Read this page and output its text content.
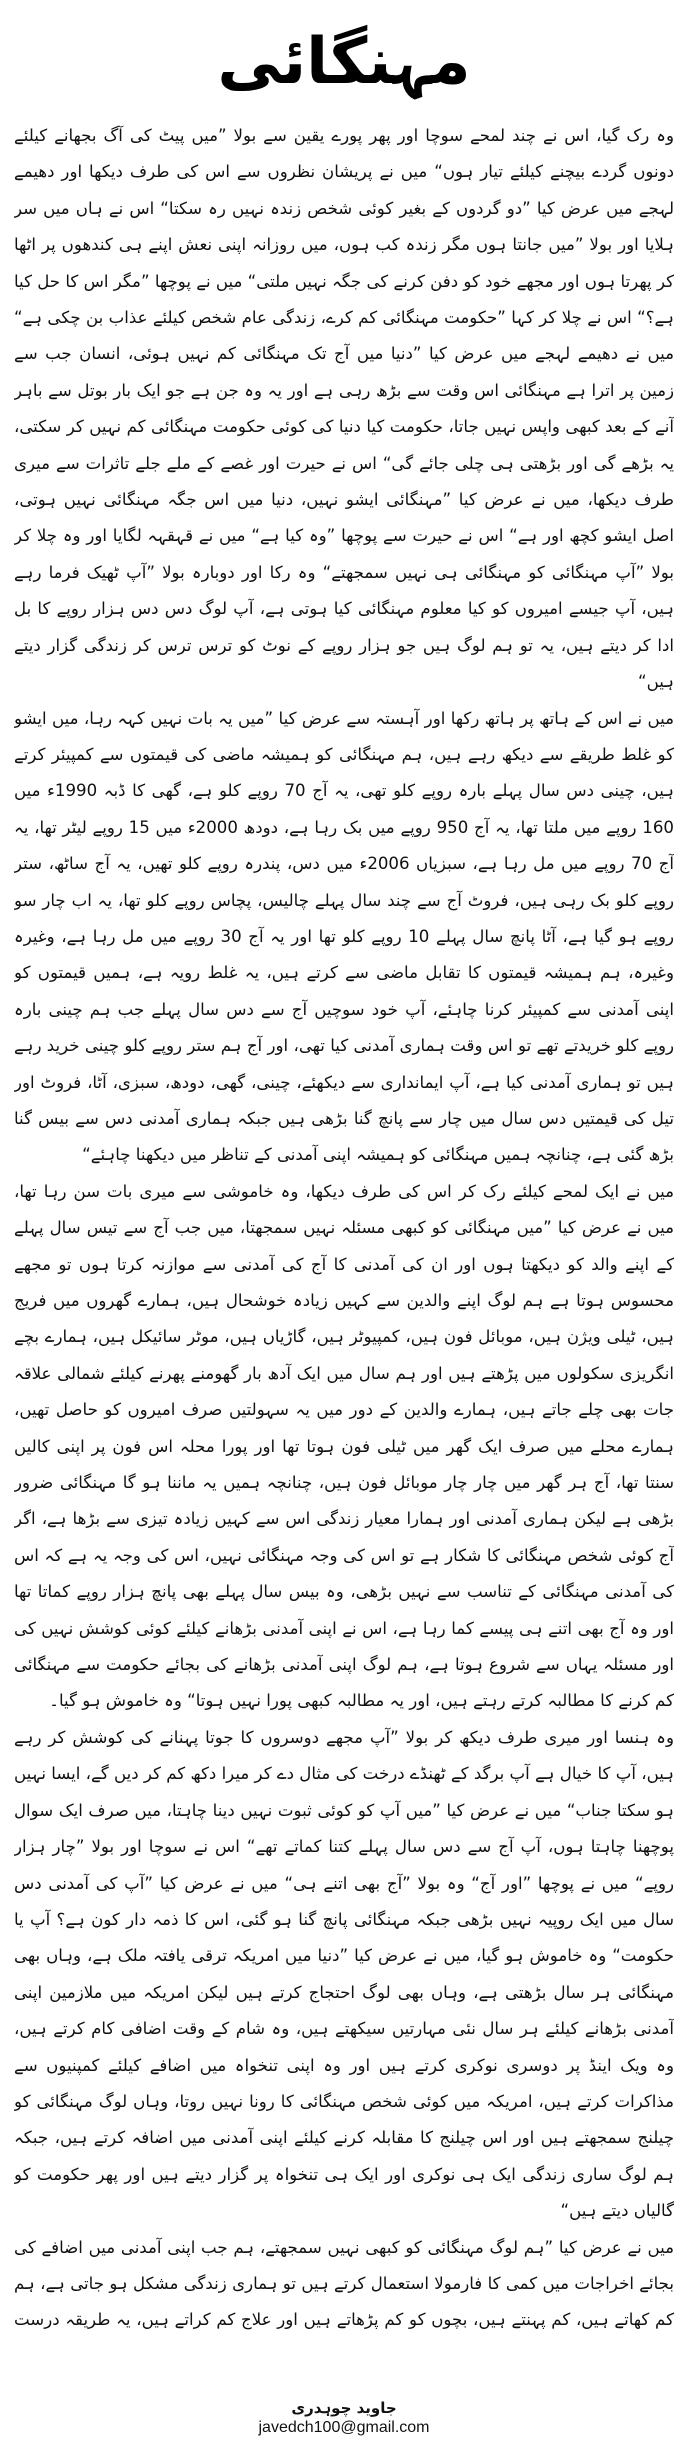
مہنگائی

وہ رک گیا، اس نے چند لمحے سوچا اور پھر پورے یقین سے بولا ”میں پیٹ کی آگ بجھانے کیلئے دونوں گردے بیچنے کیلئے تیار ہوں“ میں نے پریشان نظروں سے اس کی طرف دیکھا اور دھیمے لہجے میں عرض کیا ”دو گردوں کے بغیر کوئی شخص زندہ نہیں رہ سکتا“ اس نے ہاں میں سر ہلایا اور بولا ”میں جانتا ہوں مگر زندہ کب ہوں، میں روزانہ اپنی نعش اپنے ہی کندھوں پر اٹھا کر پھرتا ہوں اور مجھے خود کو دفن کرنے کی جگہ نہیں ملتی“ میں نے پوچھا ”مگر اس کا حل کیا ہے؟“ اس نے چلا کر کہا ”حکومت مہنگائی کم کرے، زندگی عام شخص کیلئے عذاب بن چکی ہے“ میں نے دھیمے لہجے میں عرض کیا ”دنیا میں آج تک مہنگائی کم نہیں ہوئی، انسان جب سے زمین پر اترا ہے مہنگائی اس وقت سے بڑھ رہی ہے اور یہ وہ جن ہے جو ایک بار بوتل سے باہر آنے کے بعد کبھی واپس نہیں جاتا، حکومت کیا دنیا کی کوئی حکومت مہنگائی کم نہیں کر سکتی، یہ بڑھے گی اور بڑھتی ہی چلی جائے گی“ اس نے حیرت اور غصے کے ملے جلے تاثرات سے میری طرف دیکھا، میں نے عرض کیا ”مہنگائی ایشو نہیں، دنیا میں اس جگہ مہنگائی نہیں ہوتی، اصل ایشو کچھ اور ہے“ اس نے حیرت سے پوچھا ”وہ کیا ہے“ میں نے قہقہہ لگایا اور وہ چلا کر بولا ”آپ مہنگائی کو مہنگائی ہی نہیں سمجھتے“ وہ رکا اور دوبارہ بولا ”آپ ٹھیک فرما رہے ہیں، آپ جیسے امیروں کو کیا معلوم مہنگائی کیا ہوتی ہے، آپ لوگ دس دس ہزار روپے کا بل ادا کر دیتے ہیں، یہ تو ہم لوگ ہیں جو ہزار روپے کے نوٹ کو ترس ترس کر زندگی گزار دیتے ہیں“

میں نے اس کے ہاتھ پر ہاتھ رکھا اور آہستہ سے عرض کیا ”میں یہ بات نہیں کہہ رہا، میں ایشو کو غلط طریقے سے دیکھ رہے ہیں، ہم مہنگائی کو ہمیشہ ماضی کی قیمتوں سے کمپیئر کرتے ہیں، چینی دس سال پہلے بارہ روپے کلو تھی، یہ آج 70 روپے کلو ہے، گھی کا ڈبہ 1990ء میں 160 روپے میں ملتا تھا، یہ آج 950 روپے میں بک رہا ہے، دودھ 2000ء میں 15 روپے لیٹر تھا، یہ آج 70 روپے میں مل رہا ہے، سبزیاں 2006ء میں دس، پندرہ روپے کلو تھیں، یہ آج ساٹھ، ستر روپے کلو بک رہی ہیں، فروٹ آج سے چند سال پہلے چالیس، پچاس روپے کلو تھا، یہ اب چار سو روپے ہو گیا ہے، آٹا پانچ سال پہلے 10 روپے کلو تھا اور یہ آج 30 روپے میں مل رہا ہے، وغیرہ وغیرہ، ہم ہمیشہ قیمتوں کا تقابل ماضی سے کرتے ہیں، یہ غلط رویہ ہے، ہمیں قیمتوں کو اپنی آمدنی سے کمپیئر کرنا چاہئے، آپ خود سوچیں آج سے دس سال پہلے جب ہم چینی بارہ روپے کلو خریدتے تھے تو اس وقت ہماری آمدنی کیا تھی، اور آج ہم ستر روپے کلو چینی خرید رہے ہیں تو ہماری آمدنی کیا ہے، آپ ایمانداری سے دیکھئے، چینی، گھی، دودھ، سبزی، آٹا، فروٹ اور تیل کی قیمتیں دس سال میں چار سے پانچ گنا بڑھی ہیں جبکہ ہماری آمدنی دس سے بیس گنا بڑھ گئی ہے، چنانچہ ہمیں مہنگائی کو ہمیشہ اپنی آمدنی کے تناظر میں دیکھنا چاہئے“

میں نے ایک لمحے کیلئے رک کر اس کی طرف دیکھا، وہ خاموشی سے میری بات سن رہا تھا، میں نے عرض کیا ”میں مہنگائی کو کبھی مسئلہ نہیں سمجھتا، میں جب آج سے تیس سال پہلے کے اپنے والد کو دیکھتا ہوں اور ان کی آمدنی کا آج کی آمدنی سے موازنہ کرتا ہوں تو مجھے محسوس ہوتا ہے ہم لوگ اپنے والدین سے کہیں زیادہ خوشحال ہیں، ہمارے گھروں میں فریج ہیں، ٹیلی ویژن ہیں، موبائل فون ہیں، کمپیوٹر ہیں، گاڑیاں ہیں، موٹر سائیکل ہیں، ہمارے بچے انگریزی سکولوں میں پڑھتے ہیں اور ہم سال میں ایک آدھ بار گھومنے پھرنے کیلئے شمالی علاقہ جات بھی چلے جاتے ہیں، ہمارے والدین کے دور میں یہ سہولتیں صرف امیروں کو حاصل تھیں، ہمارے محلے میں صرف ایک گھر میں ٹیلی فون ہوتا تھا اور پورا محلہ اس فون پر اپنی کالیں سنتا تھا، آج ہر گھر میں چار چار موبائل فون ہیں، چنانچہ ہمیں یہ ماننا ہو گا مہنگائی ضرور بڑھی ہے لیکن ہماری آمدنی اور ہمارا معیار زندگی اس سے کہیں زیادہ تیزی سے بڑھا ہے، اگر آج کوئی شخص مہنگائی کا شکار ہے تو اس کی وجہ مہنگائی نہیں، اس کی وجہ یہ ہے کہ اس کی آمدنی مہنگائی کے تناسب سے نہیں بڑھی، وہ بیس سال پہلے بھی پانچ ہزار روپے کماتا تھا اور وہ آج بھی اتنے ہی پیسے کما رہا ہے، اس نے اپنی آمدنی بڑھانے کیلئے کوئی کوشش نہیں کی اور مسئلہ یہاں سے شروع ہوتا ہے، ہم لوگ اپنی آمدنی بڑھانے کی بجائے حکومت سے مہنگائی کم کرنے کا مطالبہ کرتے رہتے ہیں، اور یہ مطالبہ کبھی پورا نہیں ہوتا“ وہ خاموش ہو گیا۔

وہ ہنسا اور میری طرف دیکھ کر بولا ”آپ مجھے دوسروں کا جوتا پہنانے کی کوشش کر رہے ہیں، آپ کا خیال ہے آپ برگد کے ٹھنڈے درخت کی مثال دے کر میرا دکھ کم کر دیں گے، ایسا نہیں ہو سکتا جناب“ میں نے عرض کیا ”میں آپ کو کوئی ثبوت نہیں دینا چاہتا، میں صرف ایک سوال پوچھنا چاہتا ہوں، آپ آج سے دس سال پہلے کتنا کماتے تھے“ اس نے سوچا اور بولا ”چار ہزار روپے“ میں نے پوچھا ”اور آج“ وہ بولا ”آج بھی اتنے ہی“ میں نے عرض کیا ”آپ کی آمدنی دس سال میں ایک روپیہ نہیں بڑھی جبکہ مہنگائی پانچ گنا ہو گئی، اس کا ذمہ دار کون ہے؟ آپ یا حکومت“ وہ خاموش ہو گیا، میں نے عرض کیا ”دنیا میں امریکہ ترقی یافتہ ملک ہے، وہاں بھی مہنگائی ہر سال بڑھتی ہے، وہاں بھی لوگ احتجاج کرتے ہیں لیکن امریکہ میں ملازمین اپنی آمدنی بڑھانے کیلئے ہر سال نئی مہارتیں سیکھتے ہیں، وہ شام کے وقت اضافی کام کرتے ہیں، وہ ویک اینڈ پر دوسری نوکری کرتے ہیں اور وہ اپنی تنخواہ میں اضافے کیلئے کمپنیوں سے مذاکرات کرتے ہیں، امریکہ میں کوئی شخص مہنگائی کا رونا نہیں روتا، وہاں لوگ مہنگائی کو چیلنج سمجھتے ہیں اور اس چیلنج کا مقابلہ کرنے کیلئے اپنی آمدنی میں اضافہ کرتے ہیں، جبکہ ہم لوگ ساری زندگی ایک ہی نوکری اور ایک ہی تنخواہ پر گزار دیتے ہیں اور پھر حکومت کو گالیاں دیتے ہیں“

میں نے عرض کیا ”ہم لوگ مہنگائی کو کبھی نہیں سمجھتے، ہم جب اپنی آمدنی میں اضافے کی بجائے اخراجات میں کمی کا فارمولا استعمال کرتے ہیں تو ہماری زندگی مشکل ہو جاتی ہے، ہم کم کھاتے ہیں، کم پہنتے ہیں، بچوں کو کم پڑھاتے ہیں اور علاج کم کراتے ہیں، یہ طریقہ درست

جاوید چوہدری
javedch100@gmail.com
